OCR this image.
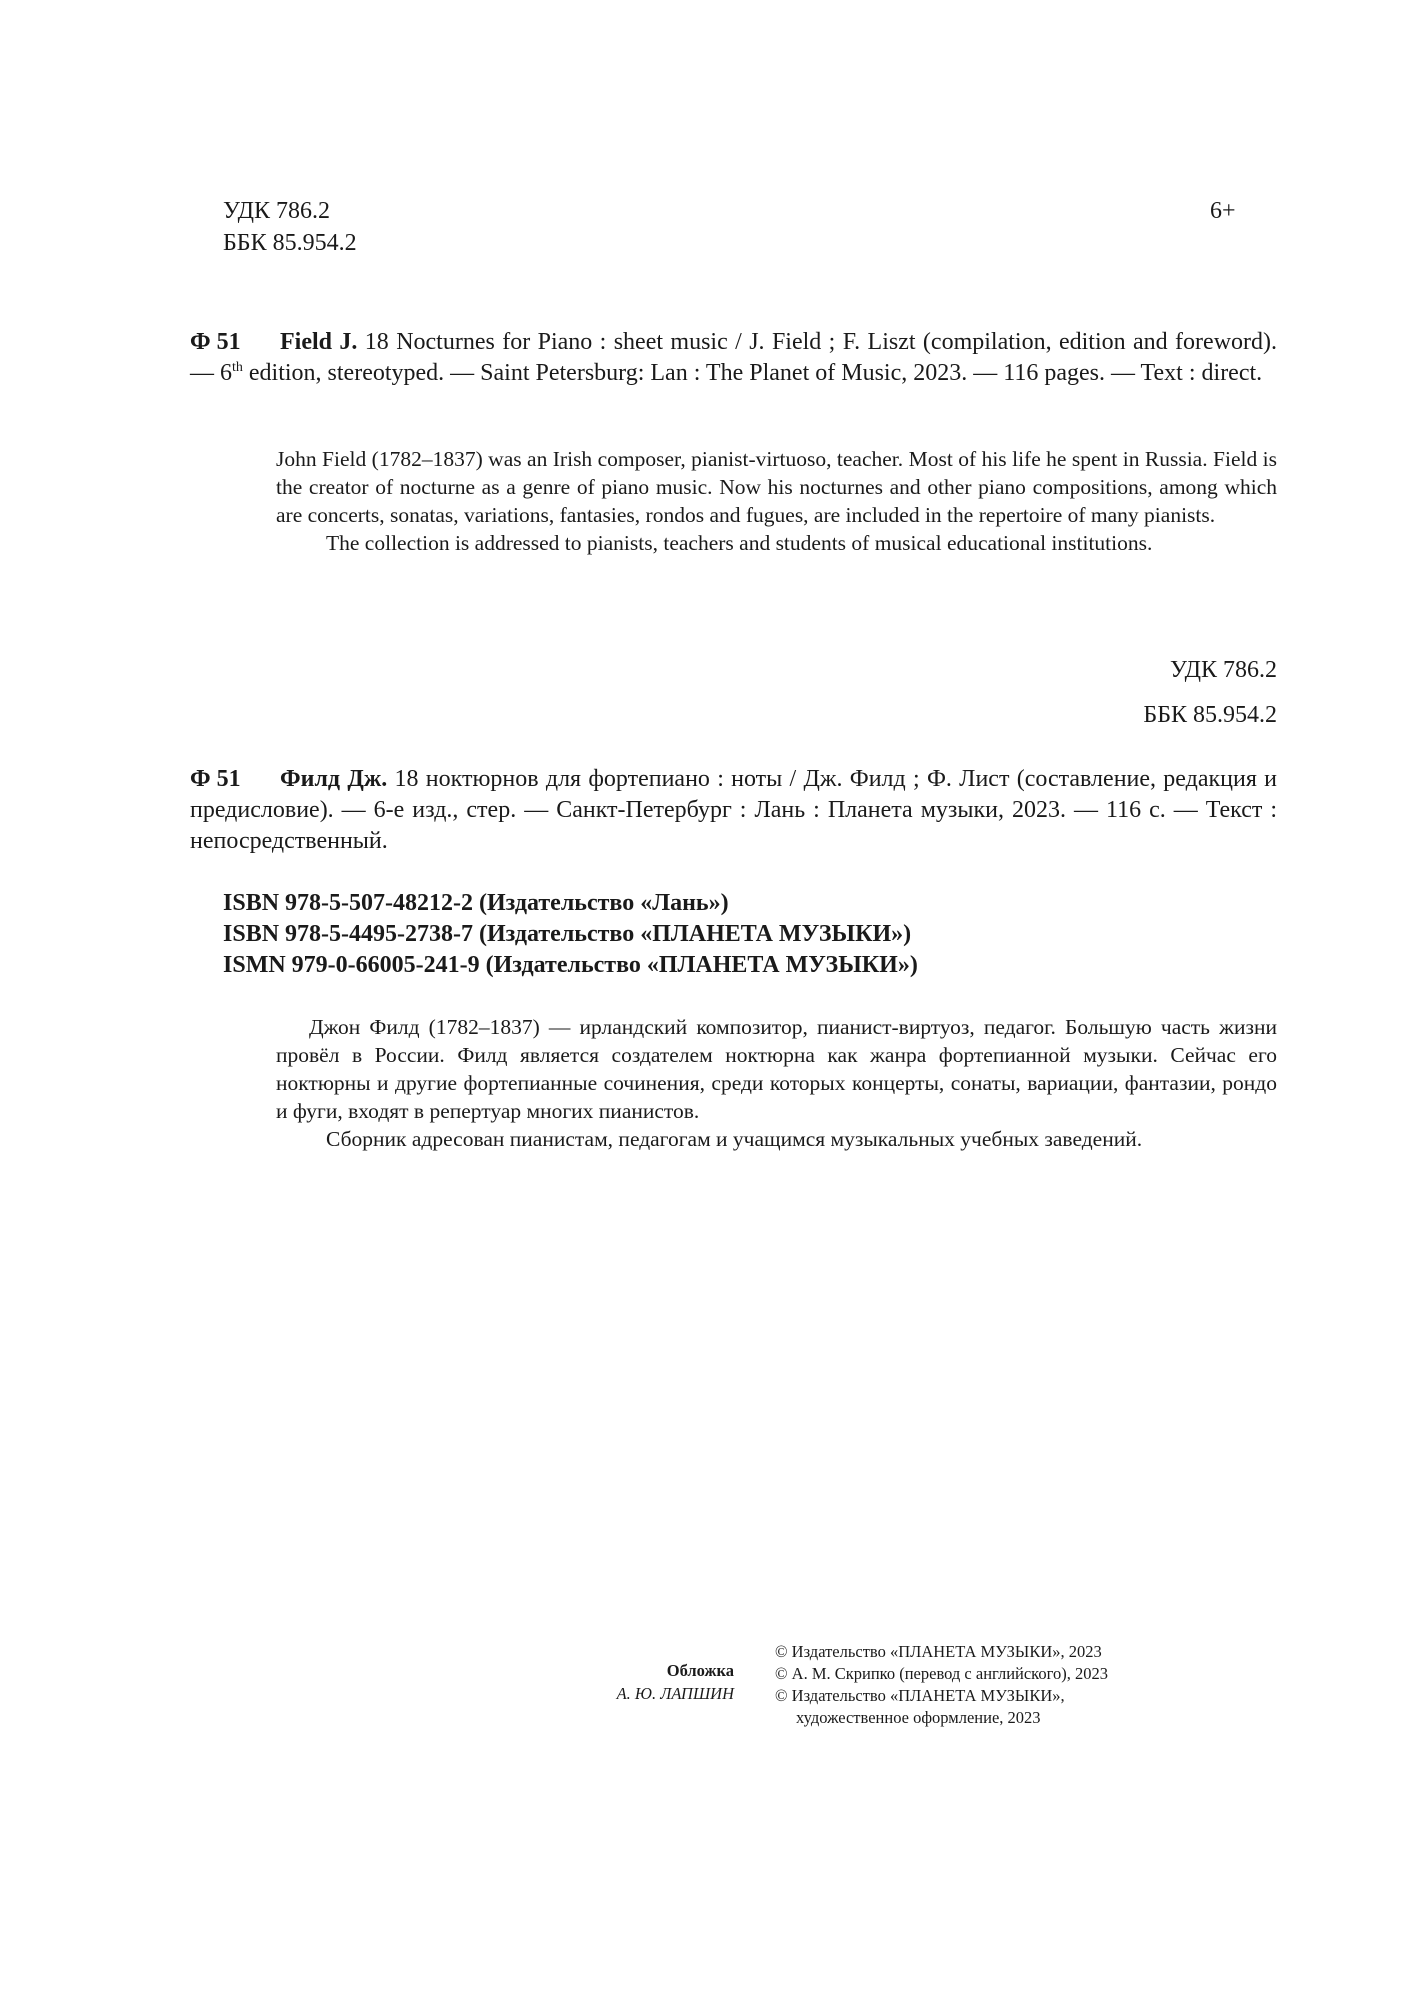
УДК 786.2
ББК 85.954.2
6+
Ф 51	Field J. 18 Nocturnes for Piano : sheet music / J. Field ; F. Liszt (compilation, edition and foreword). — 6th edition, stereotyped. — Saint Petersburg: Lan : The Planet of Music, 2023. — 116 pages. — Text : direct.

John Field (1782–1837) was an Irish composer, pianist-virtuoso, teacher. Most of his life he spent in Russia. Field is the creator of nocturne as a genre of piano music. Now his nocturnes and other piano compositions, among which are concerts, sonatas, variations, fantasies, rondos and fugues, are included in the repertoire of many pianists.

The collection is addressed to pianists, teachers and students of musical educational institutions.

УДК 786.2
ББК 85.954.2
Ф 51	Филд Дж. 18 ноктюрнов для фортепиано : ноты / Дж. Филд ; Ф. Лист (составление, редакция и предисловие). — 6-е изд., стер. — Санкт-Петербург : Лань : Планета музыки, 2023. — 116 с. — Текст : непосредственный.
ISBN 978-5-507-48212-2 (Издательство «Лань»)
ISBN 978-5-4495-2738-7 (Издательство «ПЛАНЕТА МУЗЫКИ»)
ISMN 979-0-66005-241-9 (Издательство «ПЛАНЕТА МУЗЫКИ»)

Джон Филд (1782–1837) — ирландский композитор, пианист-виртуоз, педагог. Большую часть жизни провёл в России. Филд является создателем ноктюрна как жанра фортепианной музыки. Сейчас его ноктюрны и другие фортепианные сочинения, среди которых концерты, сонаты, вариации, фантазии, рондо и фуги, входят в репертуар многих пианистов.

Сборник адресован пианистам, педагогам и учащимся музыкальных учебных заведений.

Обложка
А. Ю. ЛАПШИН
© Издательство «ПЛАНЕТА МУЗЫКИ», 2023
© А. М. Скрипко (перевод с английского), 2023
© Издательство «ПЛАНЕТА МУЗЫКИ»,
художественное оформление, 2023
